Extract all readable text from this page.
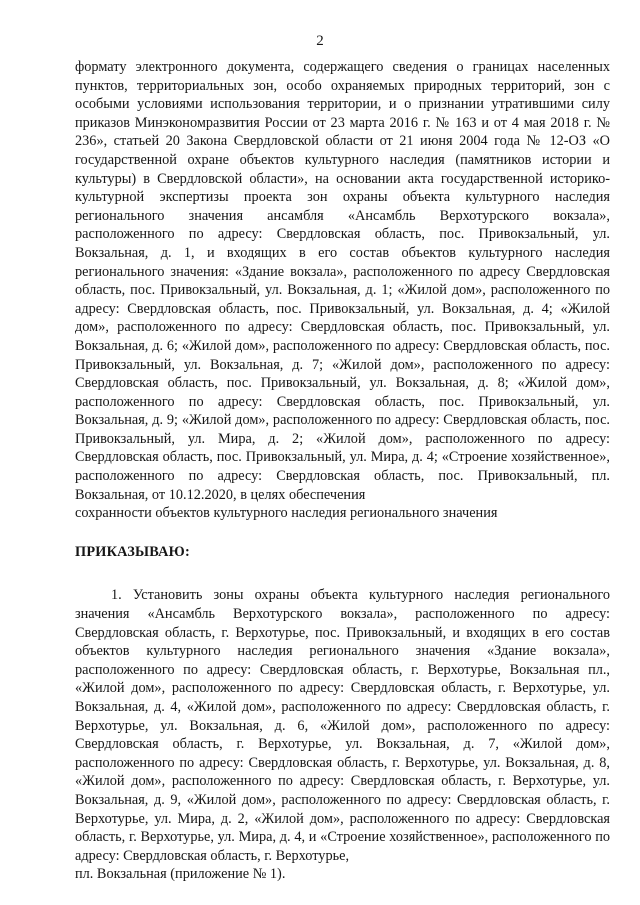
2

формату электронного документа, содержащего сведения о границах населенных пунктов, территориальных зон, особо охраняемых природных территорий, зон с особыми условиями использования территории, и о признании утратившими силу приказов Минэкономразвития России от 23 марта 2016 г. № 163 и от 4 мая 2018 г. № 236», статьей 20 Закона Свердловской области от 21 июня 2004 года № 12-ОЗ «О государственной охране объектов культурного наследия (памятников истории и культуры) в Свердловской области», на основании акта государственной историко-культурной экспертизы проекта зон охраны объекта культурного наследия регионального значения ансамбля «Ансамбль Верхотурского вокзала», расположенного по адресу: Свердловская область, пос. Привокзальный, ул. Вокзальная, д. 1, и входящих в его состав объектов культурного наследия регионального значения: «Здание вокзала», расположенного по адресу Свердловская область, пос. Привокзальный, ул. Вокзальная, д. 1; «Жилой дом», расположенного по адресу: Свердловская область, пос. Привокзальный, ул. Вокзальная, д. 4; «Жилой дом», расположенного по адресу: Свердловская область, пос. Привокзальный, ул. Вокзальная, д. 6; «Жилой дом», расположенного по адресу: Свердловская область, пос. Привокзальный, ул. Вокзальная, д. 7; «Жилой дом», расположенного по адресу: Свердловская область, пос. Привокзальный, ул. Вокзальная, д. 8; «Жилой дом», расположенного по адресу: Свердловская область, пос. Привокзальный, ул. Вокзальная, д. 9; «Жилой дом», расположенного по адресу: Свердловская область, пос. Привокзальный, ул. Мира, д. 2; «Жилой дом», расположенного по адресу: Свердловская область, пос. Привокзальный, ул. Мира, д. 4; «Строение хозяйственное», расположенного по адресу: Свердловская область, пос. Привокзальный, пл. Вокзальная, от 10.12.2020, в целях обеспечения
сохранности объектов культурного наследия регионального значения

ПРИКАЗЫВАЮ:

1. Установить зоны охраны объекта культурного наследия регионального значения «Ансамбль Верхотурского вокзала», расположенного по адресу: Свердловская область, г. Верхотурье, пос. Привокзальный, и входящих в его состав объектов культурного наследия регионального значения «Здание вокзала», расположенного по адресу: Свердловская область, г. Верхотурье, Вокзальная пл., «Жилой дом», расположенного по адресу: Свердловская область, г. Верхотурье, ул. Вокзальная, д. 4, «Жилой дом», расположенного по адресу: Свердловская область, г. Верхотурье, ул. Вокзальная, д. 6, «Жилой дом», расположенного по адресу: Свердловская область, г. Верхотурье, ул. Вокзальная, д. 7, «Жилой дом», расположенного по адресу: Свердловская область, г. Верхотурье, ул. Вокзальная, д. 8, «Жилой дом», расположенного по адресу: Свердловская область, г. Верхотурье, ул. Вокзальная, д. 9, «Жилой дом», расположенного по адресу: Свердловская область, г. Верхотурье, ул. Мира, д. 2, «Жилой дом», расположенного по адресу: Свердловская область, г. Верхотурье, ул. Мира, д. 4, и «Строение хозяйственное», расположенного по адресу: Свердловская область, г. Верхотурье,
пл. Вокзальная (приложение № 1).
